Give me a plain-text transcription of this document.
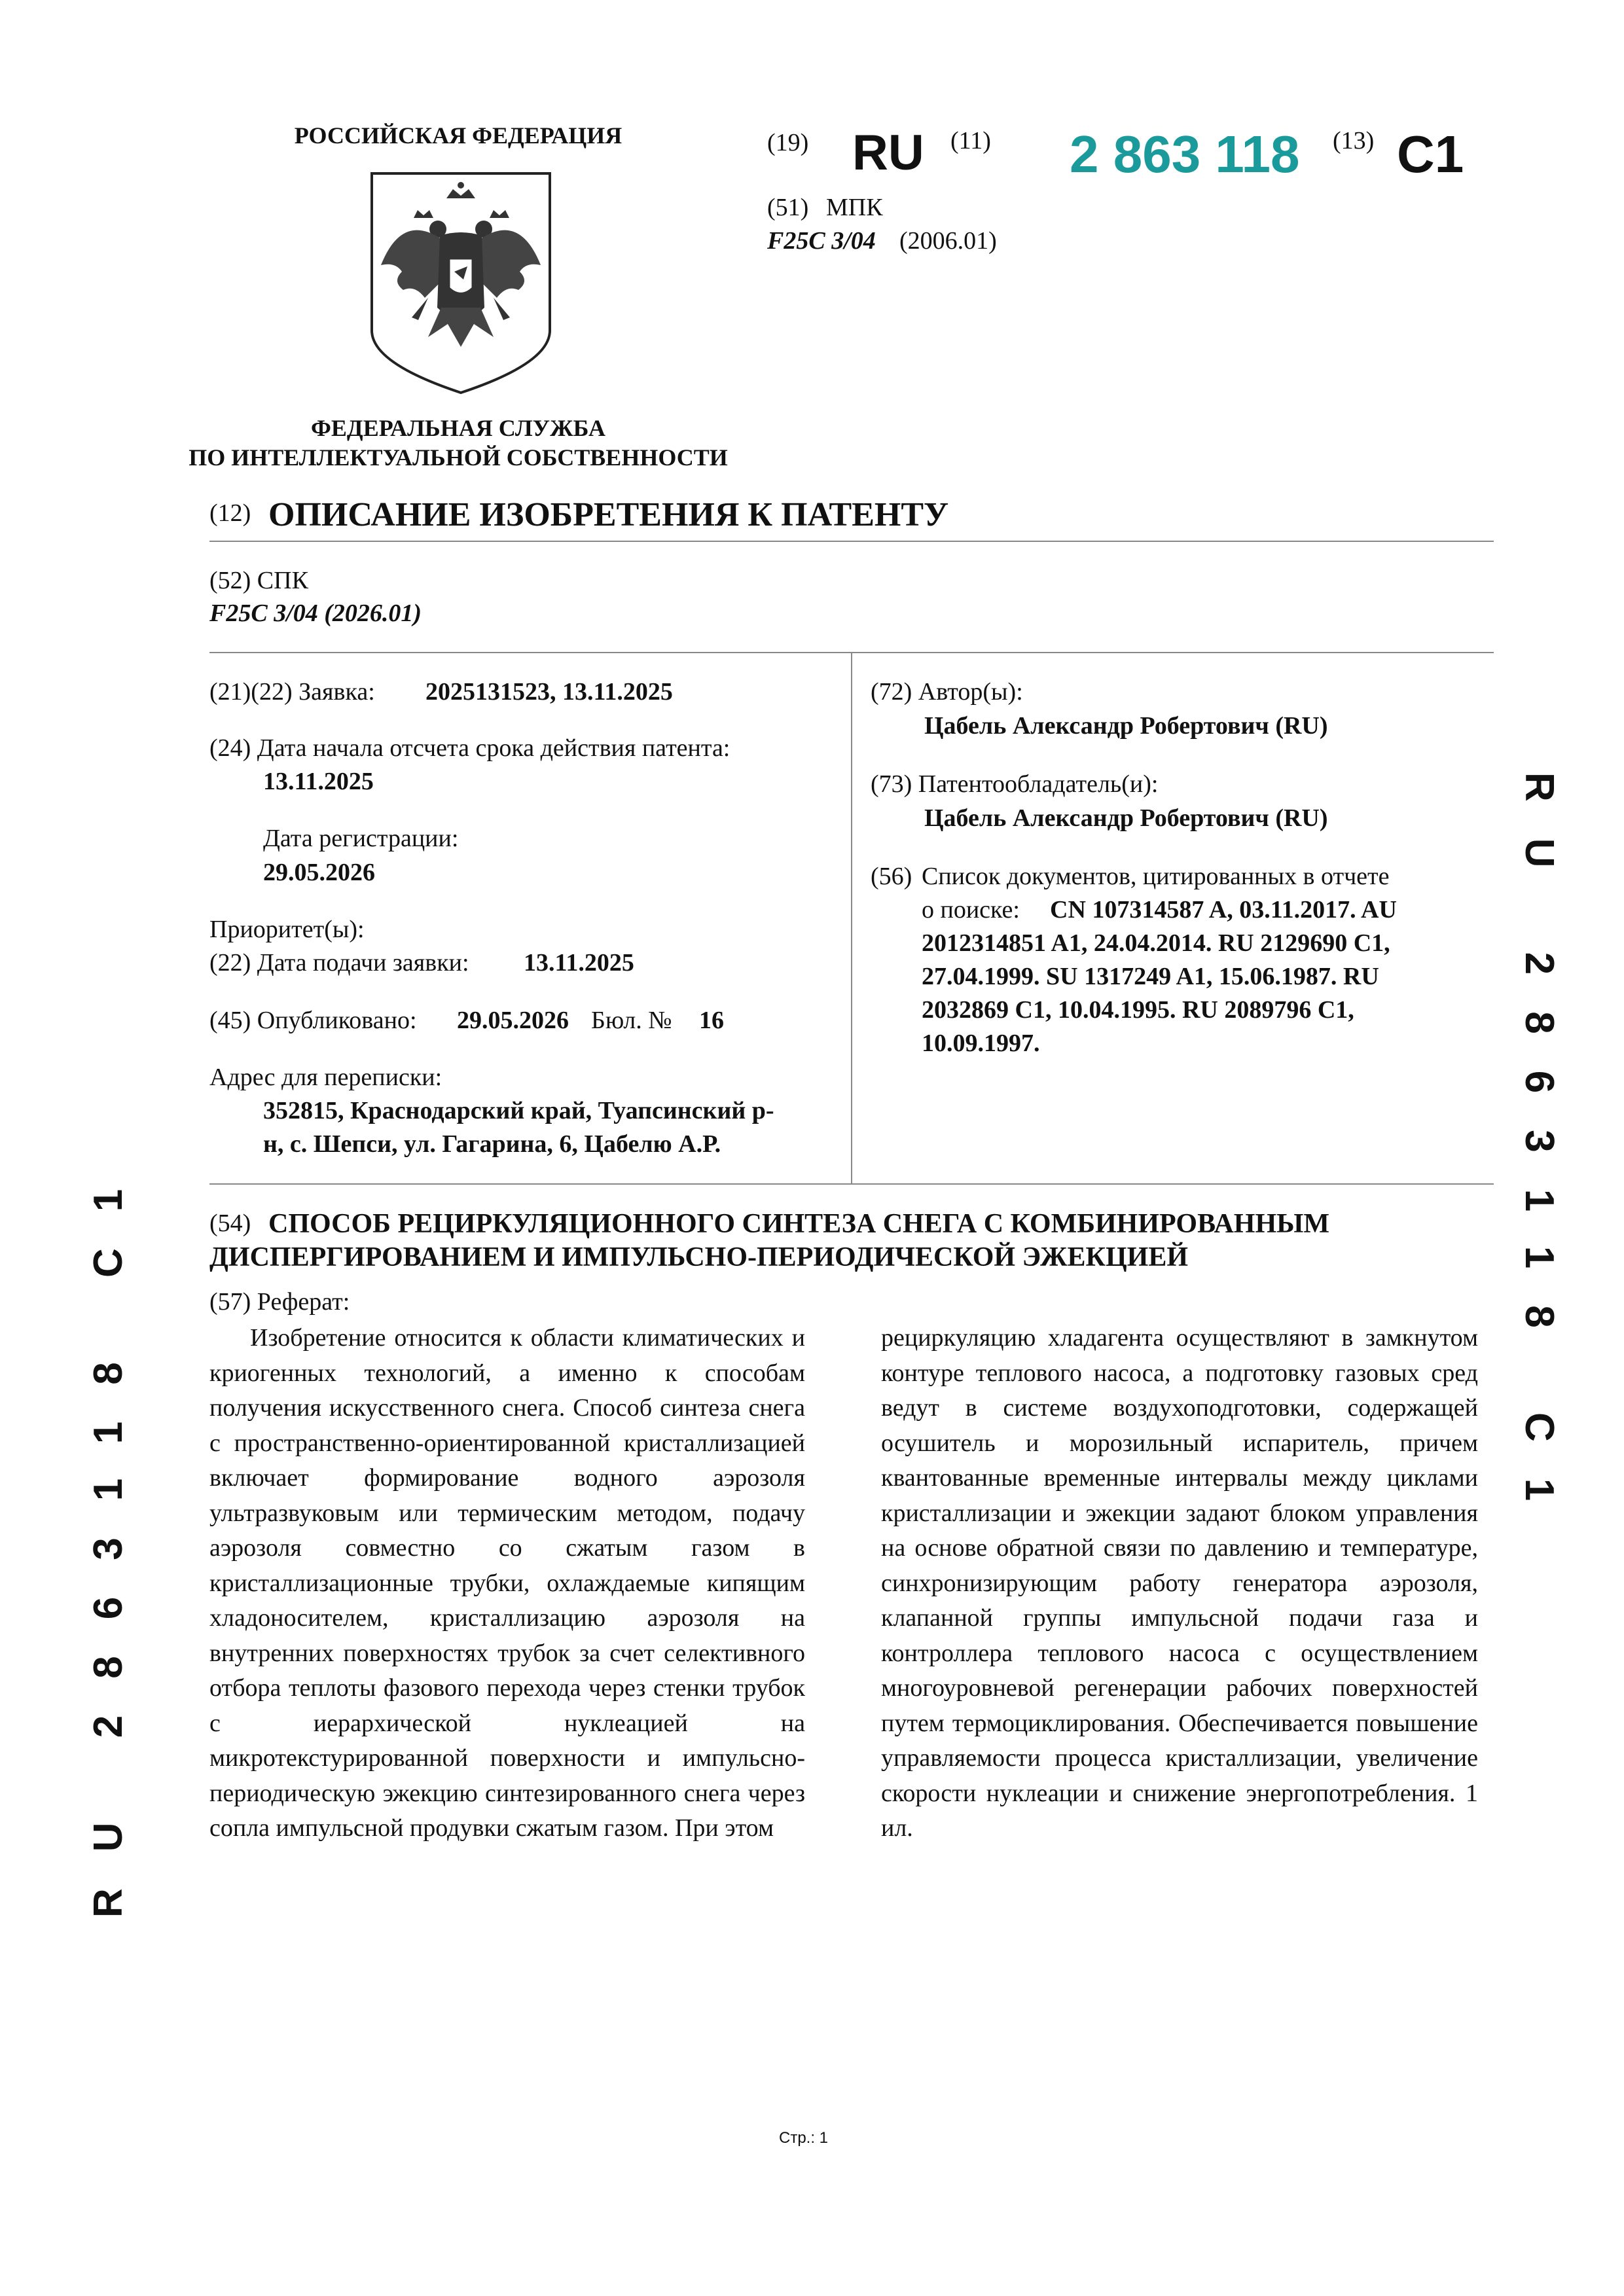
РОССИЙСКАЯ ФЕДЕРАЦИЯ
ФЕДЕРАЛЬНАЯ СЛУЖБА
ПО ИНТЕЛЛЕКТУАЛЬНОЙ СОБСТВЕННОСТИ
(19) RU (11) 2 863 118 (13) C1
(51) МПК
F25C 3/04 (2006.01)
(12) ОПИСАНИЕ ИЗОБРЕТЕНИЯ К ПАТЕНТУ
(52) СПК
F25C 3/04 (2026.01)
(21)(22) Заявка: 2025131523, 13.11.2025
(24) Дата начала отсчета срока действия патента:
13.11.2025
Дата регистрации:
29.05.2026
Приоритет(ы):
(22) Дата подачи заявки: 13.11.2025
(45) Опубликовано: 29.05.2026 Бюл. № 16
Адрес для переписки:
352815, Краснодарский край, Туапсинский р-
н, с. Шепси, ул. Гагарина, 6, Цабелю А.Р.
(72) Автор(ы):
Цабель Александр Робертович (RU)
(73) Патентообладатель(и):
Цабель Александр Робертович (RU)
(56) Список документов, цитированных в отчете
о поиске: CN 107314587 A, 03.11.2017. AU
2012314851 A1, 24.04.2014. RU 2129690 C1,
27.04.1999. SU 1317249 A1, 15.06.1987. RU
2032869 C1, 10.04.1995. RU 2089796 C1,
10.09.1997.
(54) СПОСОБ РЕЦИРКУЛЯЦИОННОГО СИНТЕЗА СНЕГА С КОМБИНИРОВАННЫМ
ДИСПЕРГИРОВАНИЕМ И ИМПУЛЬСНО-ПЕРИОДИЧЕСКОЙ ЭЖЕКЦИЕЙ
(57) Реферат:
Изобретение относится к области климатических и криогенных технологий, а именно к способам получения искусственного снега. Способ синтеза снега с пространственно-ориентированной кристаллизацией включает формирование водного аэрозоля ультразвуковым или термическим методом, подачу аэрозоля совместно со сжатым газом в кристаллизационные трубки, охлаждаемые кипящим хладоносителем, кристаллизацию аэрозоля на внутренних поверхностях трубок за счет селективного отбора теплоты фазового перехода через стенки трубок с иерархической нуклеацией на микротекстурированной поверхности и импульсно-периодическую эжекцию синтезированного снега через сопла импульсной продувки сжатым газом. При этом
рециркуляцию хладагента осуществляют в замкнутом контуре теплового насоса, а подготовку газовых сред ведут в системе воздухоподготовки, содержащей осушитель и морозильный испаритель, причем квантованные временные интервалы между циклами кристаллизации и эжекции задают блоком управления на основе обратной связи по давлению и температуре, синхронизирующим работу генератора аэрозоля, клапанной группы импульсной подачи газа и контроллера теплового насоса с осуществлением многоуровневой регенерации рабочих поверхностей путем термоциклирования. Обеспечивается повышение управляемости процесса кристаллизации, увеличение скорости нуклеации и снижение энергопотребления. 1 ил.
RU 2863118 C1
RU 2863118 C1
Стр.: 1
